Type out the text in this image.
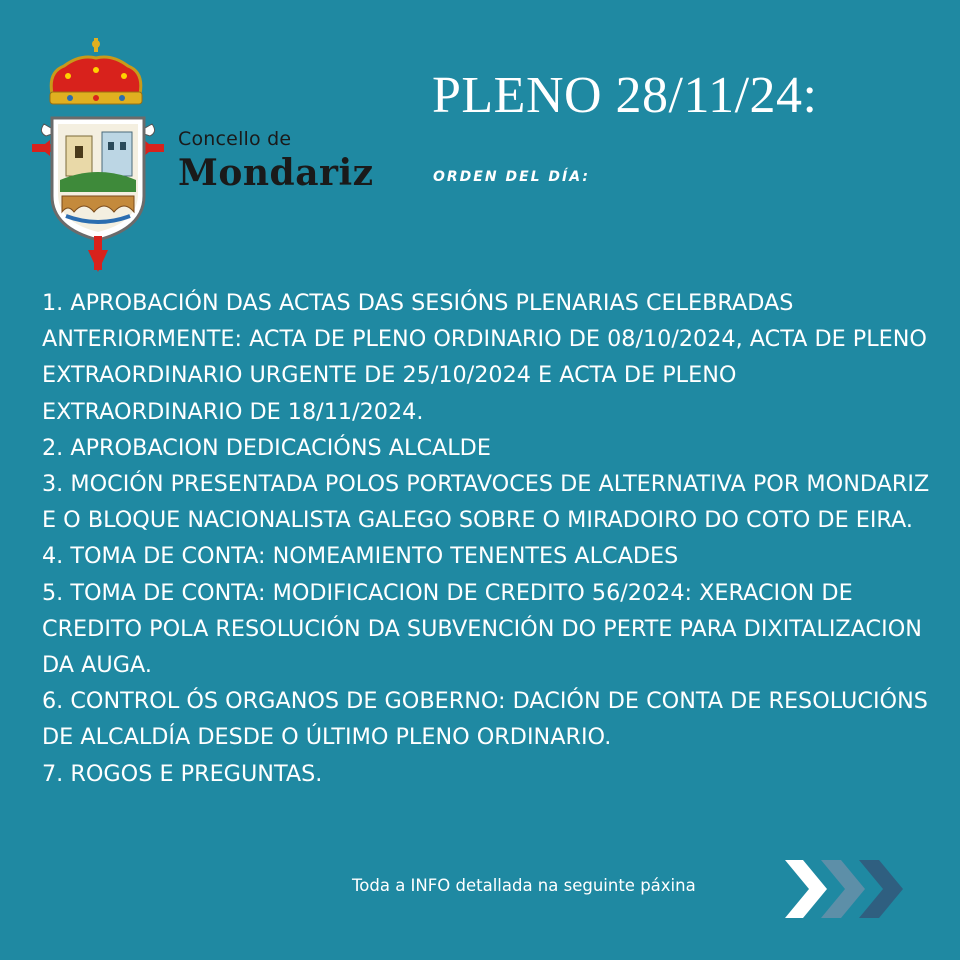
Concello de
Mondariz
PLENO 28/11/24:
ORDEN DEL DÍA:
1. APROBACIÓN DAS ACTAS DAS SESIÓNS PLENARIAS CELEBRADAS ANTERIORMENTE: ACTA DE PLENO ORDINARIO DE 08/10/2024, ACTA DE PLENO EXTRAORDINARIO URGENTE DE 25/10/2024 E ACTA DE PLENO EXTRAORDINARIO DE 18/11/2024.
2. APROBACION DEDICACIÓNS ALCALDE
3. MOCIÓN PRESENTADA POLOS PORTAVOCES DE ALTERNATIVA POR MONDARIZ E O BLOQUE NACIONALISTA GALEGO SOBRE O MIRADOIRO DO COTO DE EIRA.
4. TOMA DE CONTA: NOMEAMIENTO TENENTES ALCADES
5. TOMA DE CONTA: MODIFICACION DE CREDITO 56/2024: XERACION DE CREDITO POLA RESOLUCIÓN DA SUBVENCIÓN DO PERTE PARA DIXITALIZACION DA AUGA.
6. CONTROL ÓS ORGANOS DE GOBERNO: DACIÓN DE CONTA DE RESOLUCIÓNS DE ALCALDÍA DESDE O ÚLTIMO PLENO ORDINARIO.
7. ROGOS E PREGUNTAS.
Toda a INFO detallada na seguinte páxina
